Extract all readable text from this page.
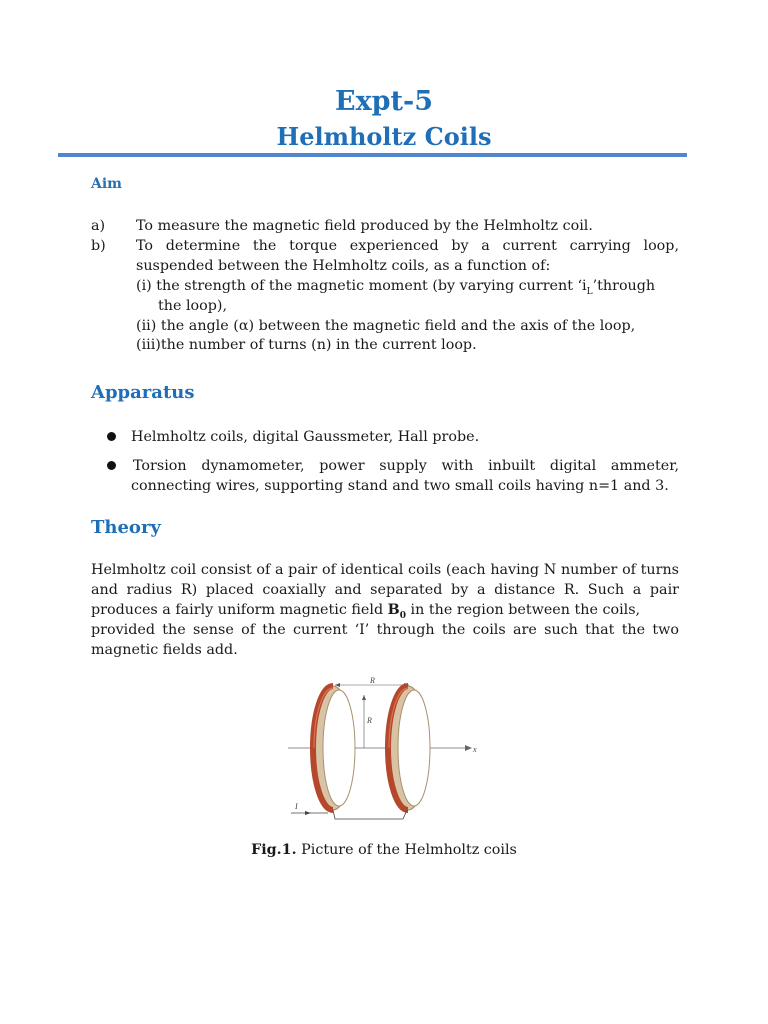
Expt-5
Helmholtz Coils
Aim
a) To measure the magnetic field produced by the Helmholtz coil.
b) To determine the torque experienced by a current carrying loop,
suspended between the Helmholtz coils, as a function of:
(i) the strength of the magnetic moment (by varying current ‘$i_L’through$
the loop),
(ii) the angle (α) between the magnetic field and the axis of the loop,
(iii)the number of turns (n) in the current loop.
Apparatus
Helmholtz coils, digital Gaussmeter, Hall probe.
Torsion dynamometer, power supply with inbuilt digital ammeter,
connecting wires, supporting stand and two small coils having n=1 and 3.
Theory
Helmholtz coil consist of a pair of identical coils (each having N number of turns
and radius R) placed coaxially and separated by a distance R. Such a pair
produces a fairly uniform magnetic field $B_0$ in the region between the coils,
provided the sense of the current ‘I’ through the coils are such that the two
magnetic fields add.
x
R
R
I
Fig.1. Picture of the Helmholtz coils
